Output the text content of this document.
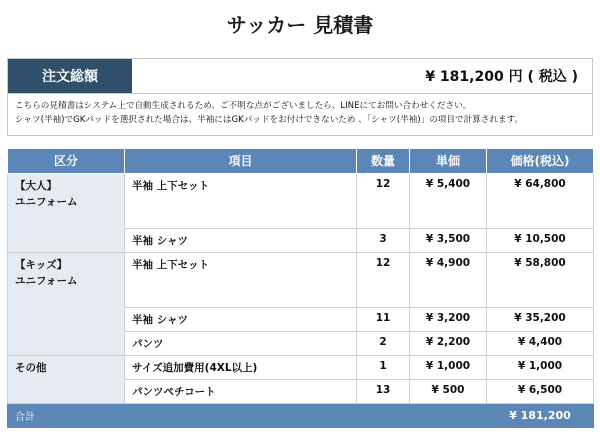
サッカー 見積書
注文総額	¥ 181,200 円 ( 税込 )
こちらの見積書はシステム上で自動生成されるため、ご不明な点がございましたら、LINEにてお問い合わせください。
シャツ(半袖)でGKパッドを選択された場合は、半袖にはGKパッドをお付けできないため 、「シャツ(半袖)」の項目で計算されます。
区分	項目	数量	単価	価格(税込)

【大人】
ユニフォーム	半袖 上下セット	12	¥ 5,400	¥ 64,800
	半袖 シャツ	3	¥ 3,500	¥ 10,500

【キッズ】
ユニフォーム	半袖 上下セット	12	¥ 4,900	¥ 58,800
	半袖 シャツ	11	¥ 3,200	¥ 35,200
	パンツ	2	¥ 2,200	¥ 4,400

その他	サイズ追加費用(4XL以上)	1	¥ 1,000	¥ 1,000
	パンツペチコート	13	¥ 500	¥ 6,500
合計				¥ 181,200
